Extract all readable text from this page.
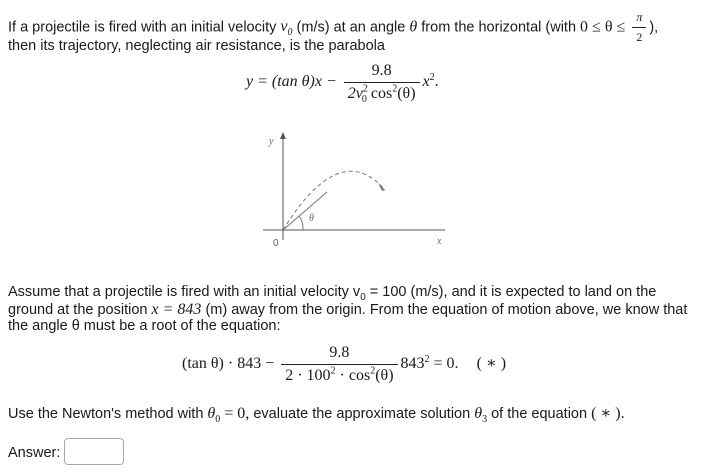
If a projectile is fired with an initial velocity $v_0$ (m/s) at an angle θ from the horizontal (with $0 \le \theta \le \frac{\pi}{2}$ ),
then its trajectory, neglecting air resistance, is the parabola
y = (tan $\theta)x - \frac{9.8}{2v^2_0 \cos^2(\theta)} x^2$.
y
x
0
θ
Assume that a projectile is fired with an initial velocity $v_0 = 100$ (m/s), and it is expected to land on the
ground at the position x = 843 (m) away from the origin. From the equation of motion above, we know that
the angle θ must be a root of the equation:
(tan $\theta) \cdot 843 - \frac{9.8}{2 \cdot 100^2 \cdot \cos^2(\theta)} 843^2 = 0$. ( ∗ )
Use the Newton's method with $\theta_0 = 0$, evaluate the approximate solution $\theta_3$ of the equation ( ∗ ).
Answer:
